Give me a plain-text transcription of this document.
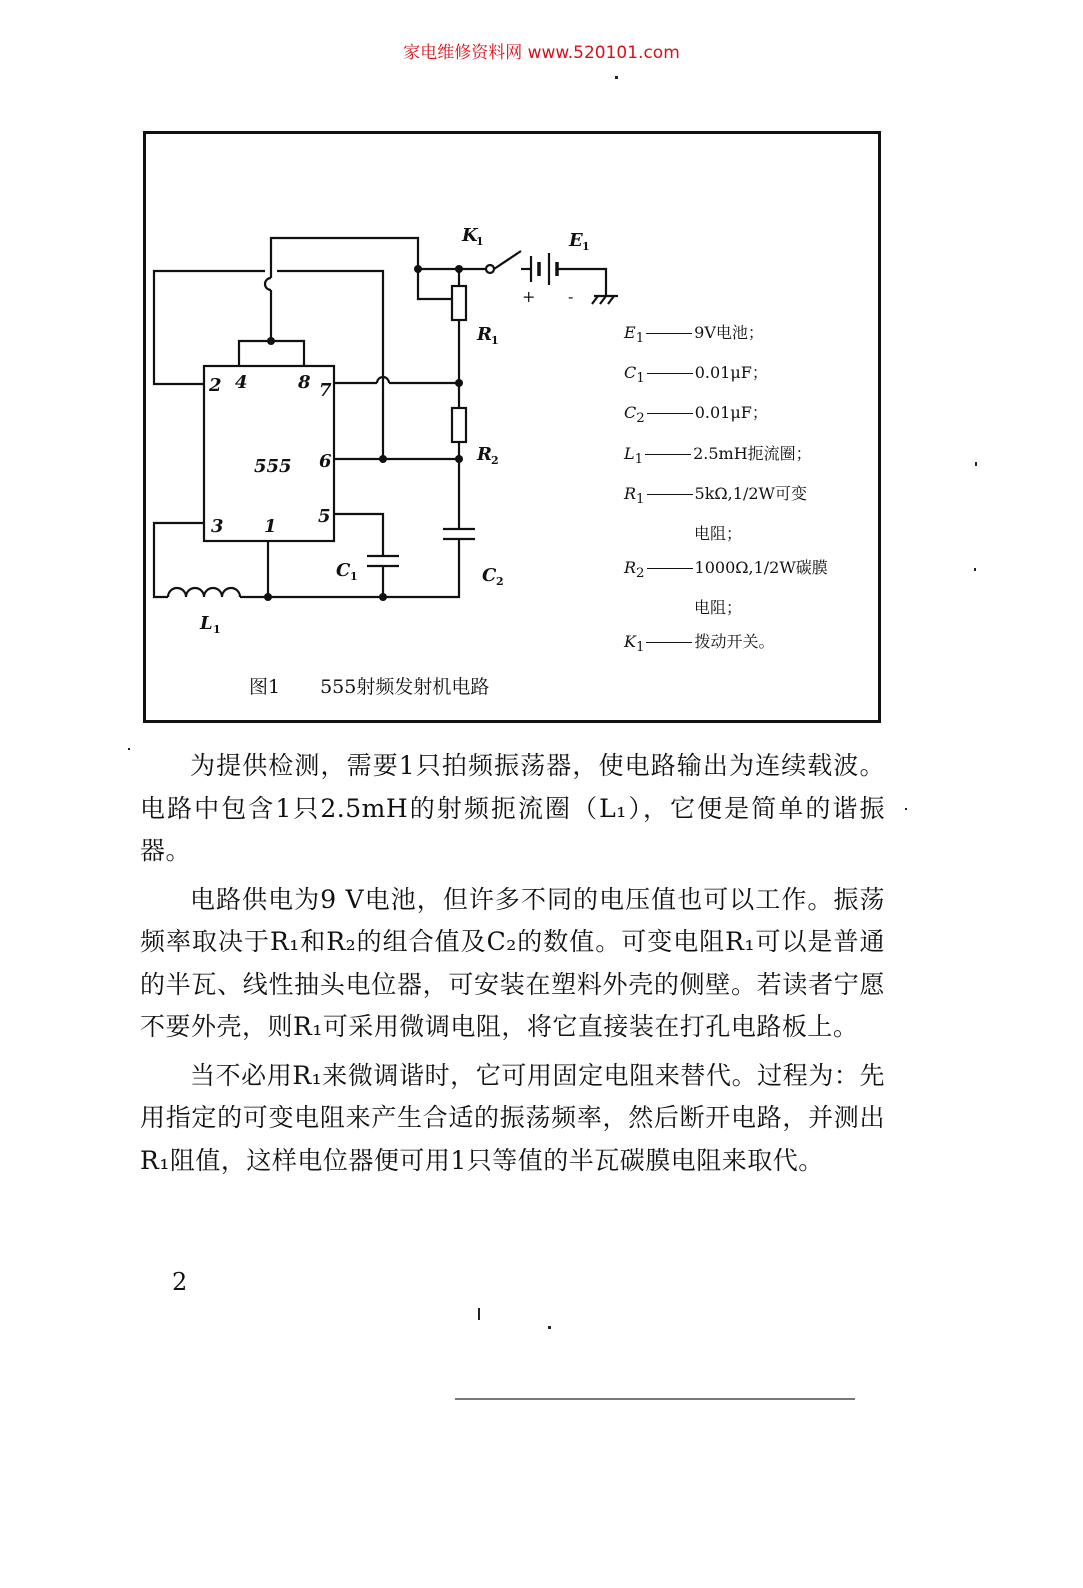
家电维修资料网 www.520101.com
555
2 4	8 7
6
3 1 5
K
1	E 1
+ -
R 1
R 2
C 1	C 2
L 1
$E_1$	9V电池；
$C_1$	0.01μF；
$C_2$	0.01μF；
$L_1$	2.5mH扼流圈；
$R_1$	5kΩ,1/2W可变
电阻；
$R_2$	1000Ω,1/2W碳膜
电阻；
$K_1$	拨动开关。
图1 555射频发射机电路

为提供检测，需要1只拍频振荡器，使电路输出为连续载波。电路中包含1只2.5mH的射频扼流圈（L₁），它便是简单的谐振器。

电路供电为9 V电池，但许多不同的电压值也可以工作。振荡频率取决于R₁和R₂的组合值及C₂的数值。可变电阻R₁可以是普通的半瓦、线性抽头电位器，可安装在塑料外壳的侧壁。若读者宁愿不要外壳，则R₁可采用微调电阻，将它直接装在打孔电路板上。

当不必用R₁来微调谐时，它可用固定电阻来替代。过程为：先用指定的可变电阻来产生合适的振荡频率，然后断开电路，并测出R₁阻值，这样电位器便可用1只等值的半瓦碳膜电阻来取代。

2
